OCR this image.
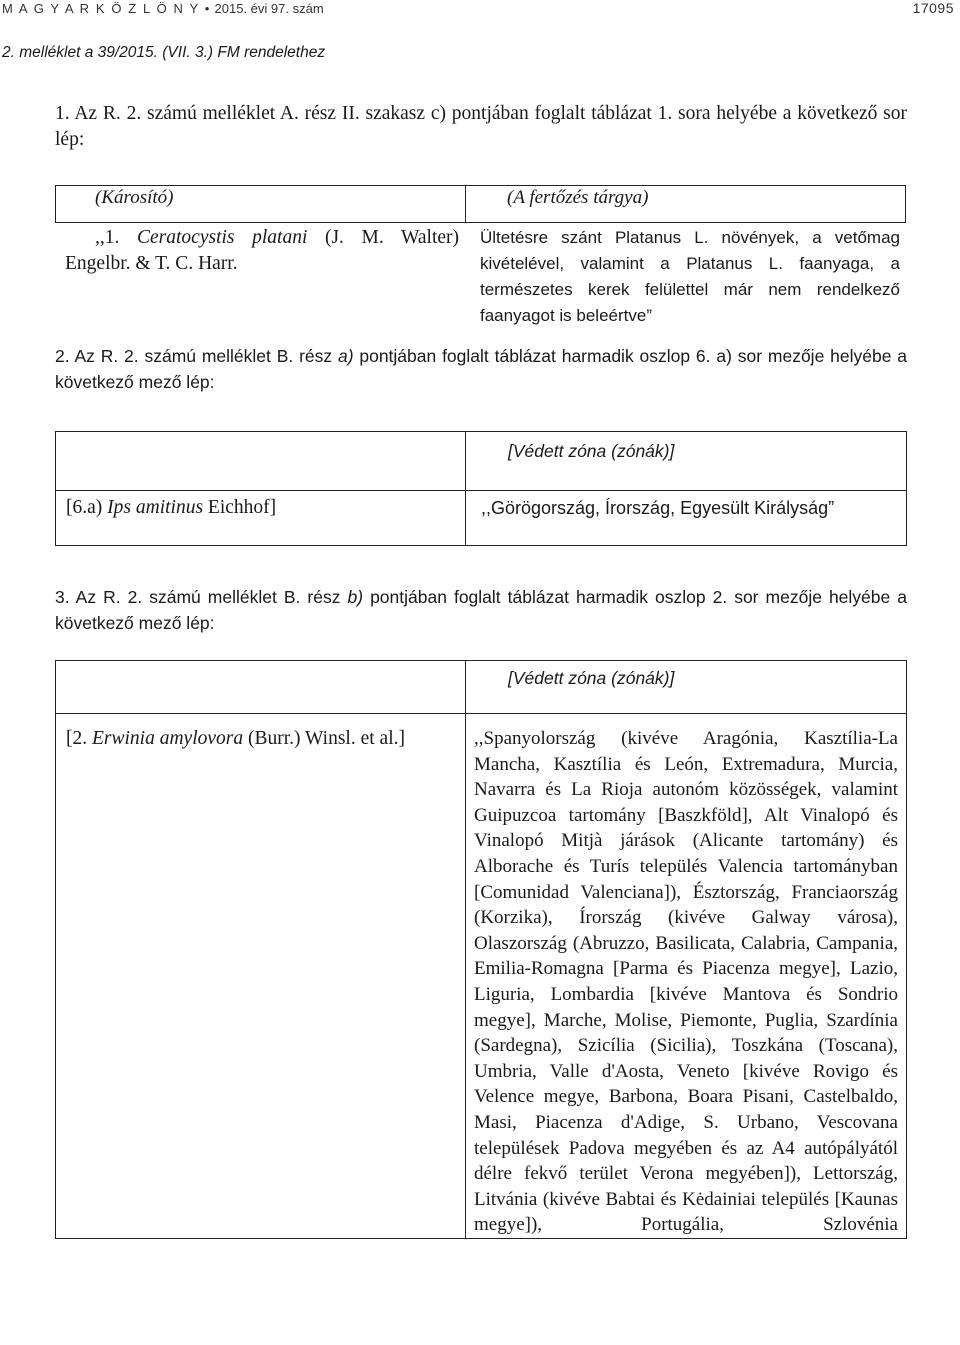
M A G Y A R K Ö Z L Ö N Y • 2015. évi 97. szám	17095
2. melléklet a 39/2015. (VII. 3.) FM rendelethez
1. Az R. 2. számú melléklet A. rész II. szakasz c) pontjában foglalt táblázat 1. sora helyébe a következő sor lép:
(Károsító)	(A fertőzés tárgya)
,,1. Ceratocystis platani (J. M. Walter) Engelbr. & T. C. Harr.	Ültetésre szánt Platanus L. növények, a vetőmag kivételével, valamint a Platanus L. faanyaga, a természetes kerek felülettel már nem rendelkező faanyagot is beleértve”
2. Az R. 2. számú melléklet B. rész a) pontjában foglalt táblázat harmadik oszlop 6. a) sor mezője helyébe a következő mező lép:
	[Védett zóna (zónák)]
[6.a) Ips amitinus Eichhof]	,,Görögország, Írország, Egyesült Királyság”
3. Az R. 2. számú melléklet B. rész b) pontjában foglalt táblázat harmadik oszlop 2. sor mezője helyébe a következő mező lép:
	[Védett zóna (zónák)]
[2. Erwinia amylovora (Burr.) Winsl. et al.]	,,Spanyolország (kivéve Aragónia, Kasztília-La Mancha, Kasztília és León, Extremadura, Murcia, Navarra és La Rioja autonóm közösségek, valamint Guipuzcoa tartomány [Baszkföld], Alt Vinalopó és Vinalopó Mitjà járások (Alicante tartomány) és Alborache és Turís település Valencia tartományban [Comunidad Valenciana]), Észtország, Franciaország (Korzika), Írország (kivéve Galway városa), Olaszország (Abruzzo, Basilicata, Calabria, Campania, Emilia-Romagna [Parma és Piacenza megye], Lazio, Liguria, Lombardia [kivéve Mantova és Sondrio megye], Marche, Molise, Piemonte, Puglia, Szardínia (Sardegna), Szicília (Sicilia), Toszkána (Toscana), Umbria, Valle d'Aosta, Veneto [kivéve Rovigo és Velence megye, Barbona, Boara Pisani, Castelbaldo, Masi, Piacenza d'Adige, S. Urbano, Vescovana települések Padova megyében és az A4 autópályától délre fekvő terület Verona megyében]), Lettország, Litvánia (kivéve Babtai és Kėdainiai település [Kaunas megye]), Portugália, Szlovénia
